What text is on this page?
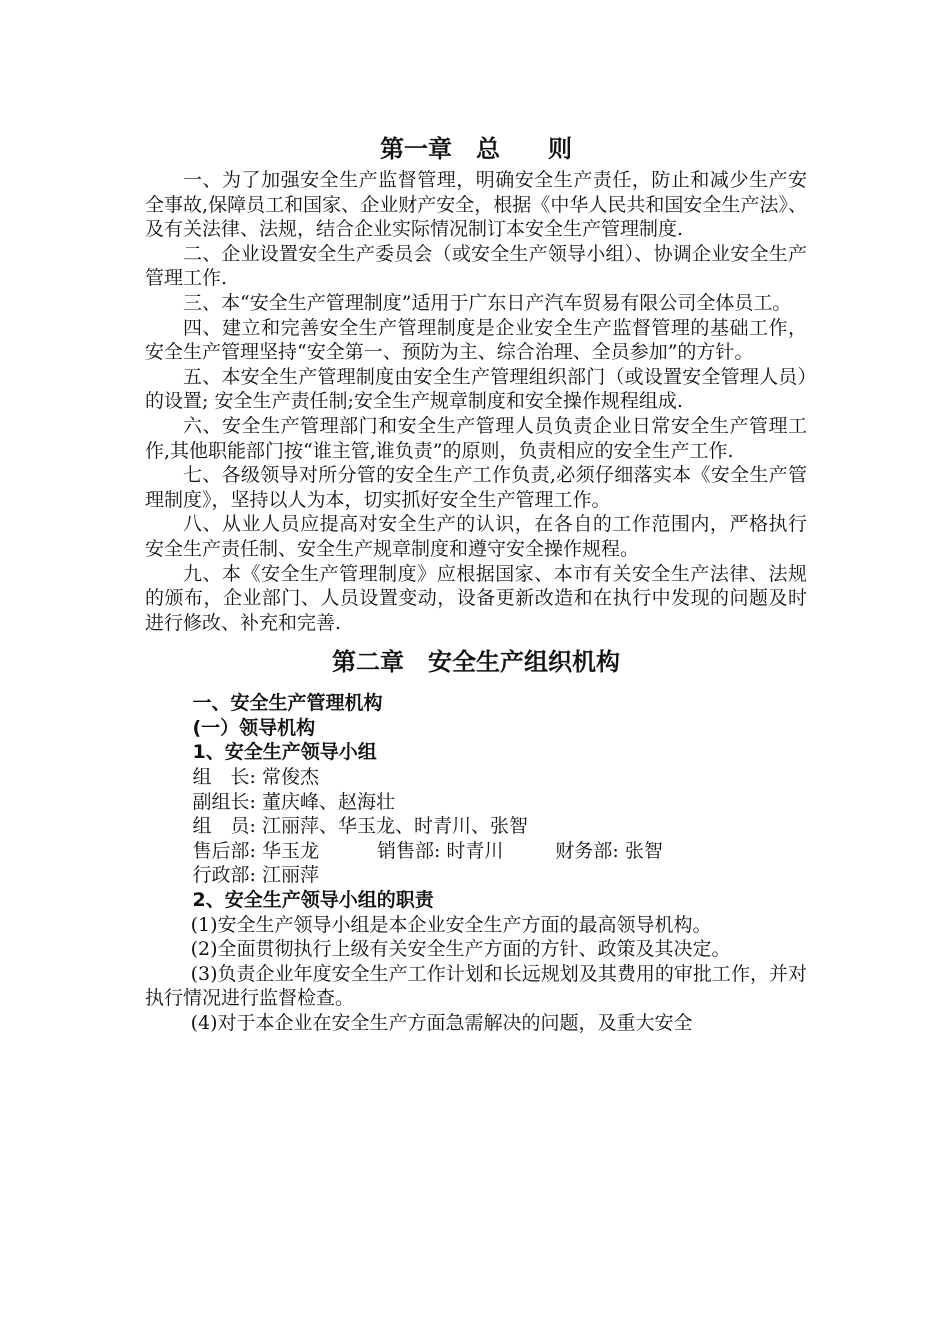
第一章　总　　则

一、为了加强安全生产监督管理，明确安全生产责任，防止和减少生产安全事故,保障员工和国家、企业财产安全，根据《中华人民共和国安全生产法》、及有关法律、法规，结合企业实际情况制订本安全生产管理制度.

二、企业设置安全生产委员会（或安全生产领导小组）、协调企业安全生产管理工作.

三、本“安全生产管理制度”适用于广东日产汽车贸易有限公司全体员工。

四、建立和完善安全生产管理制度是企业安全生产监督管理的基础工作，安全生产管理坚持“安全第一、预防为主、综合治理、全员参加”的方针。

五、本安全生产管理制度由安全生产管理组织部门（或设置安全管理人员）的设置; 安全生产责任制;安全生产规章制度和安全操作规程组成.

六、安全生产管理部门和安全生产管理人员负责企业日常安全生产管理工作,其他职能部门按“谁主管,谁负责”的原则，负责相应的安全生产工作.

七、各级领导对所分管的安全生产工作负责,必须仔细落实本《安全生产管理制度》，坚持以人为本，切实抓好安全生产管理工作。

八、从业人员应提高对安全生产的认识，在各自的工作范围内，严格执行安全生产责任制、安全生产规章制度和遵守安全操作规程。

九、本《安全生产管理制度》应根据国家、本市有关安全生产法律、法规的颁布，企业部门、人员设置变动，设备更新改造和在执行中发现的问题及时进行修改、补充和完善.

第二章　安全生产组织机构
一、安全生产管理机构
(一）领导机构
1、安全生产领导小组
组　长: 常俊杰
副组长: 董庆峰、赵海壮
组　员: 江丽萍、华玉龙、时青川、张智
售后部: 华玉龙	销售部: 时青川	财务部: 张智
行政部: 江丽萍
2、安全生产领导小组的职责

(1)安全生产领导小组是本企业安全生产方面的最高领导机构。

(2)全面贯彻执行上级有关安全生产方面的方针、政策及其决定。

(3)负责企业年度安全生产工作计划和长远规划及其费用的审批工作，并对执行情况进行监督检查。

(4)对于本企业在安全生产方面急需解决的问题，及重大安全
